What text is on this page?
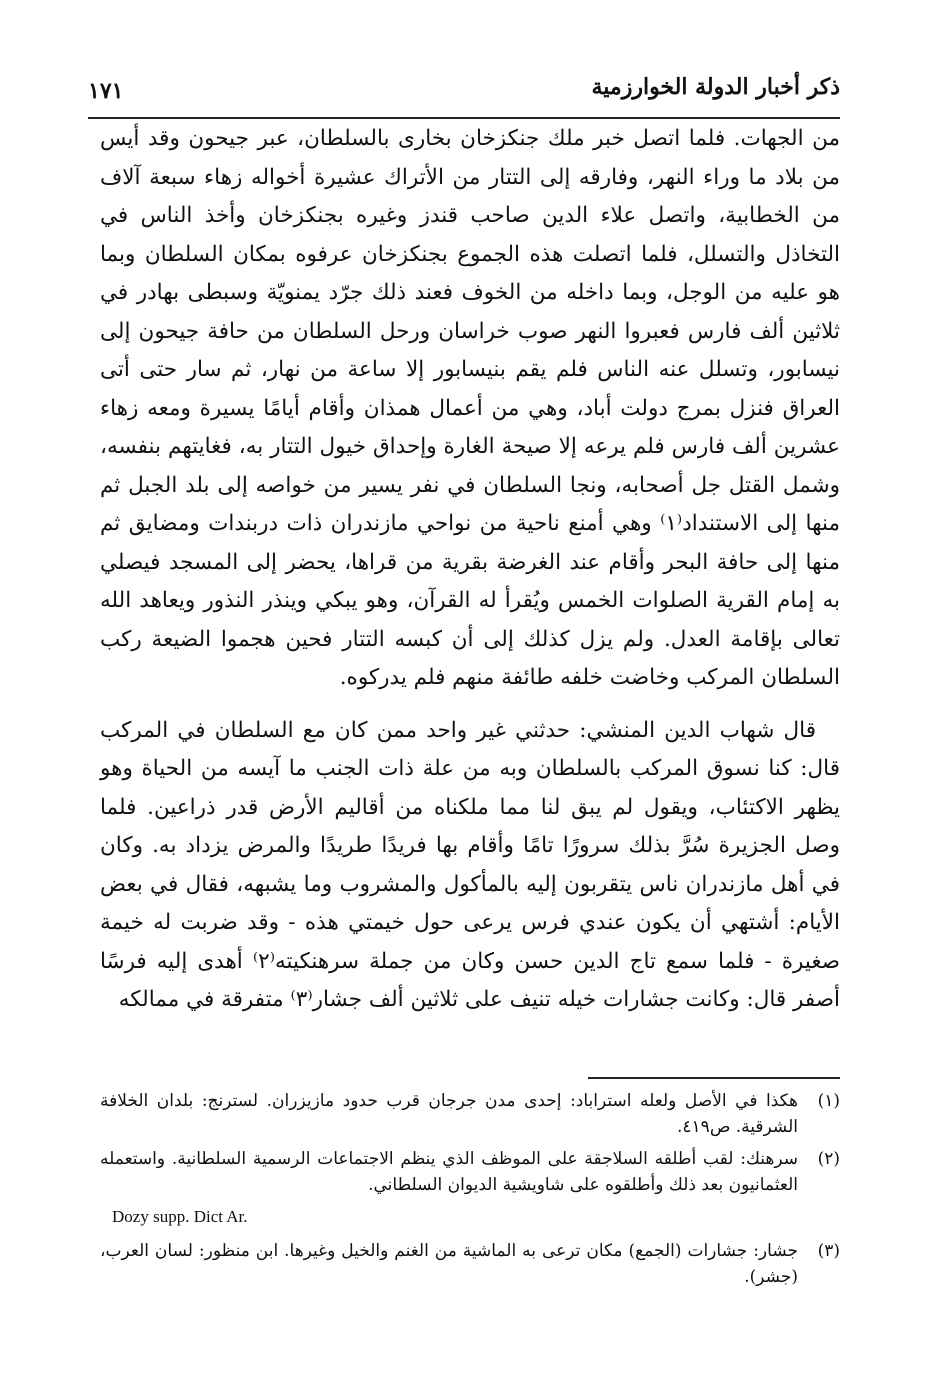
ذكر أخبار الدولة الخوارزمية
١٧١

من الجهات. فلما اتصل خبر ملك جنكزخان بخارى بالسلطان، عبر جيحون وقد أيس من بلاد ما وراء النهر، وفارقه إلى التتار من الأتراك عشيرة أخواله زهاء سبعة آلاف من الخطابية، واتصل علاء الدين صاحب قندز وغيره بجنكزخان وأخذ الناس في التخاذل والتسلل، فلما اتصلت هذه الجموع بجنكزخان عرفوه بمكان السلطان وبما هو عليه من الوجل، وبما داخله من الخوف فعند ذلك جرّد يمنويّة وسبطى بهادر في ثلاثين ألف فارس فعبروا النهر صوب خراسان ورحل السلطان من حافة جيحون إلى نيسابور، وتسلل عنه الناس فلم يقم بنيسابور إلا ساعة من نهار، ثم سار حتى أتى العراق فنزل بمرج دولت أباد، وهي من أعمال همذان وأقام أيامًا يسيرة ومعه زهاء عشرين ألف فارس فلم يرعه إلا صيحة الغارة وإحداق خيول التتار به، فغايتهم بنفسه، وشمل القتل جل أصحابه، ونجا السلطان في نفر يسير من خواصه إلى بلد الجبل ثم منها إلى الاستنداد⁽١⁾ وهي أمنع ناحية من نواحي مازندران ذات دربندات ومضايق ثم منها إلى حافة البحر وأقام عند الغرضة بقرية من قراها، يحضر إلى المسجد فيصلي به إمام القرية الصلوات الخمس ويُقرأ له القرآن، وهو يبكي وينذر النذور ويعاهد الله تعالى بإقامة العدل. ولم يزل كذلك إلى أن كبسه التتار فحين هجموا الضيعة ركب السلطان المركب وخاضت خلفه طائفة منهم فلم يدركوه.

قال شهاب الدين المنشي: حدثني غير واحد ممن كان مع السلطان في المركب قال: كنا نسوق المركب بالسلطان وبه من علة ذات الجنب ما آيسه من الحياة وهو يظهر الاكتئاب، ويقول لم يبق لنا مما ملكناه من أقاليم الأرض قدر ذراعين. فلما وصل الجزيرة سُرَّ بذلك سرورًا تامًا وأقام بها فريدًا طريدًا والمرض يزداد به. وكان في أهل مازندران ناس يتقربون إليه بالمأكول والمشروب وما يشبهه، فقال في بعض الأيام: أشتهي أن يكون عندي فرس يرعى حول خيمتي هذه - وقد ضربت له خيمة صغيرة - فلما سمع تاج الدين حسن وكان من جملة سرهنكيته⁽٢⁾ أهدى إليه فرسًا أصفر قال: وكانت جشارات خيله تنيف على ثلاثين ألف جشار⁽٣⁾ متفرقة في ممالكه

(١)
هكذا في الأصل ولعله استراباد: إحدى مدن جرجان قرب حدود مازيزران. لسترنج: بلدان الخلافة الشرقية. ص٤١٩.
(٢)
سرهنك: لقب أطلقه السلاجقة على الموظف الذي ينظم الاجتماعات الرسمية السلطانية. واستعمله العثمانيون بعد ذلك وأطلقوه على شاويشية الديوان السلطاني.
Dozy supp. Dict Ar.
(٣)
جشار: جشارات (الجمع) مكان ترعى به الماشية من الغنم والخيل وغيرها. ابن منظور: لسان العرب، (جشر).
